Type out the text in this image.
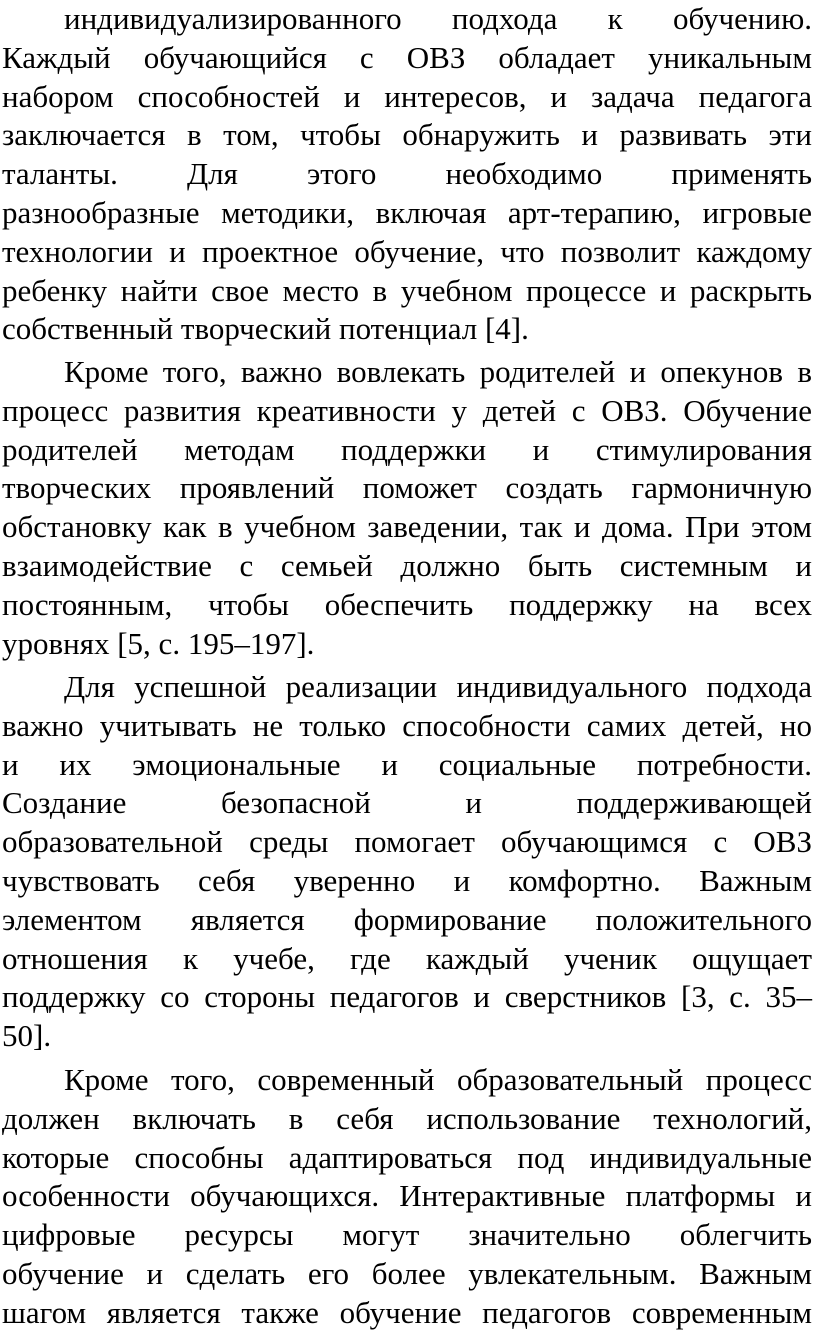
индивидуализированного подхода к обучению.
Каждый обучающийся с ОВЗ обладает уникальным
набором способностей и интересов, и задача педагога
заключается в том, чтобы обнаружить и развивать эти
таланты. Для этого необходимо применять
разнообразные методики, включая арт-терапию, игровые
технологии и проектное обучение, что позволит каждому
ребенку найти свое место в учебном процессе и раскрыть
собственный творческий потенциал [4].
Кроме того, важно вовлекать родителей и опекунов в
процесс развития креативности у детей с ОВЗ. Обучение
родителей методам поддержки и стимулирования
творческих проявлений поможет создать гармоничную
обстановку как в учебном заведении, так и дома. При этом
взаимодействие с семьей должно быть системным и
постоянным, чтобы обеспечить поддержку на всех
уровнях [5, с. 195–197].
Для успешной реализации индивидуального подхода
важно учитывать не только способности самих детей, но
и их эмоциональные и социальные потребности.
Создание безопасной и поддерживающей
образовательной среды помогает обучающимся с ОВЗ
чувствовать себя уверенно и комфортно. Важным
элементом является формирование положительного
отношения к учебе, где каждый ученик ощущает
поддержку со стороны педагогов и сверстников [3, с. 35–
50].
Кроме того, современный образовательный процесс
должен включать в себя использование технологий,
которые способны адаптироваться под индивидуальные
особенности обучающихся. Интерактивные платформы и
цифровые ресурсы могут значительно облегчить
обучение и сделать его более увлекательным. Важным
шагом является также обучение педагогов современным
